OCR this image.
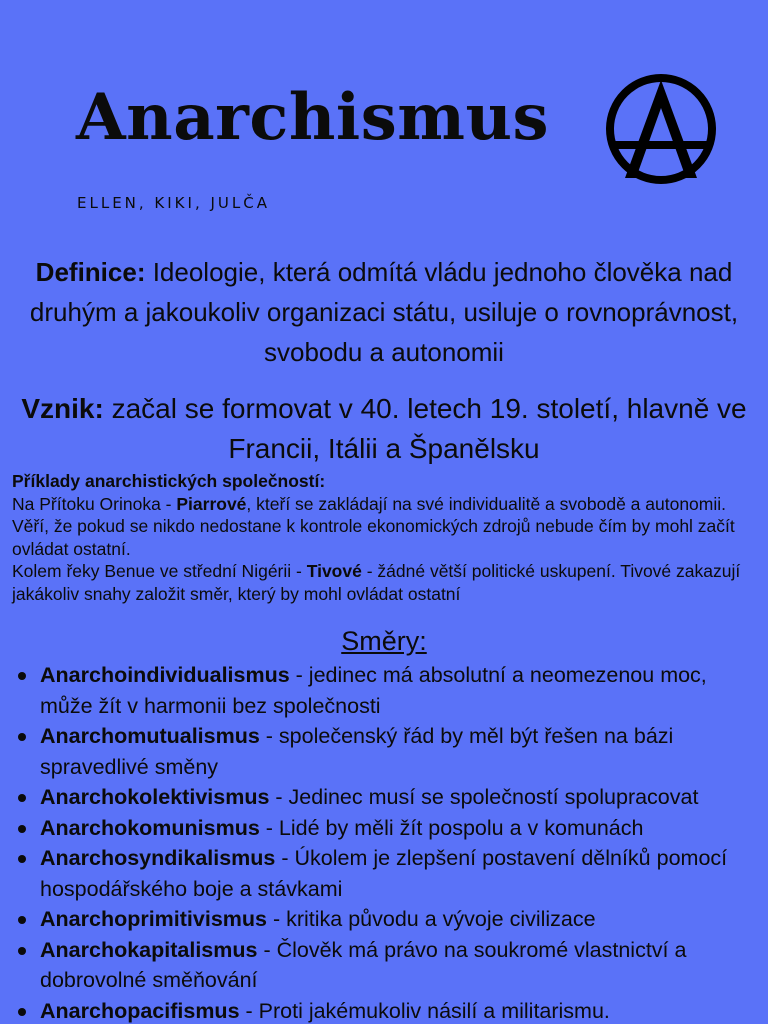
Anarchismus
ELLEN, KIKI, JULČA
Definice: Ideologie, která odmítá vládu jednoho člověka nad druhým a jakoukoliv organizaci státu, usiluje o rovnoprávnost, svobodu a autonomii
Vznik: začal se formovat v 40. letech 19. století, hlavně ve Francii, Itálii a Španělsku

Příklady anarchistických společností:

Na Přítoku Orinoka - Piarrové, kteří se zakládají na své individualitě a svobodě a autonomii. Věří, že pokud se nikdo nedostane k kontrole ekonomických zdrojů nebude čím by mohl začít ovládat ostatní.

Kolem řeky Benue ve střední Nigérii - Tivové - žádné větší politické uskupení. Tivové zakazují jakákoliv snahy založit směr, který by mohl ovládat ostatní

Směry:
Anarchoindividualismus - jedinec má absolutní a neomezenou moc, může žít v harmonii bez společnosti
Anarchomutualismus - společenský řád by měl být řešen na bázi spravedlivé směny
Anarchokolektivismus - Jedinec musí se společností spolupracovat
Anarchokomunismus - Lidé by měli žít pospolu a v komunách
Anarchosyndikalismus - Úkolem je zlepšení postavení dělníků pomocí hospodářského boje a stávkami
Anarchoprimitivismus - kritika původu a vývoje civilizace
Anarchokapitalismus - Člověk má právo na soukromé vlastnictví a dobrovolné směňování
Anarchopacifismus - Proti jakémukoliv násilí a militarismu.
